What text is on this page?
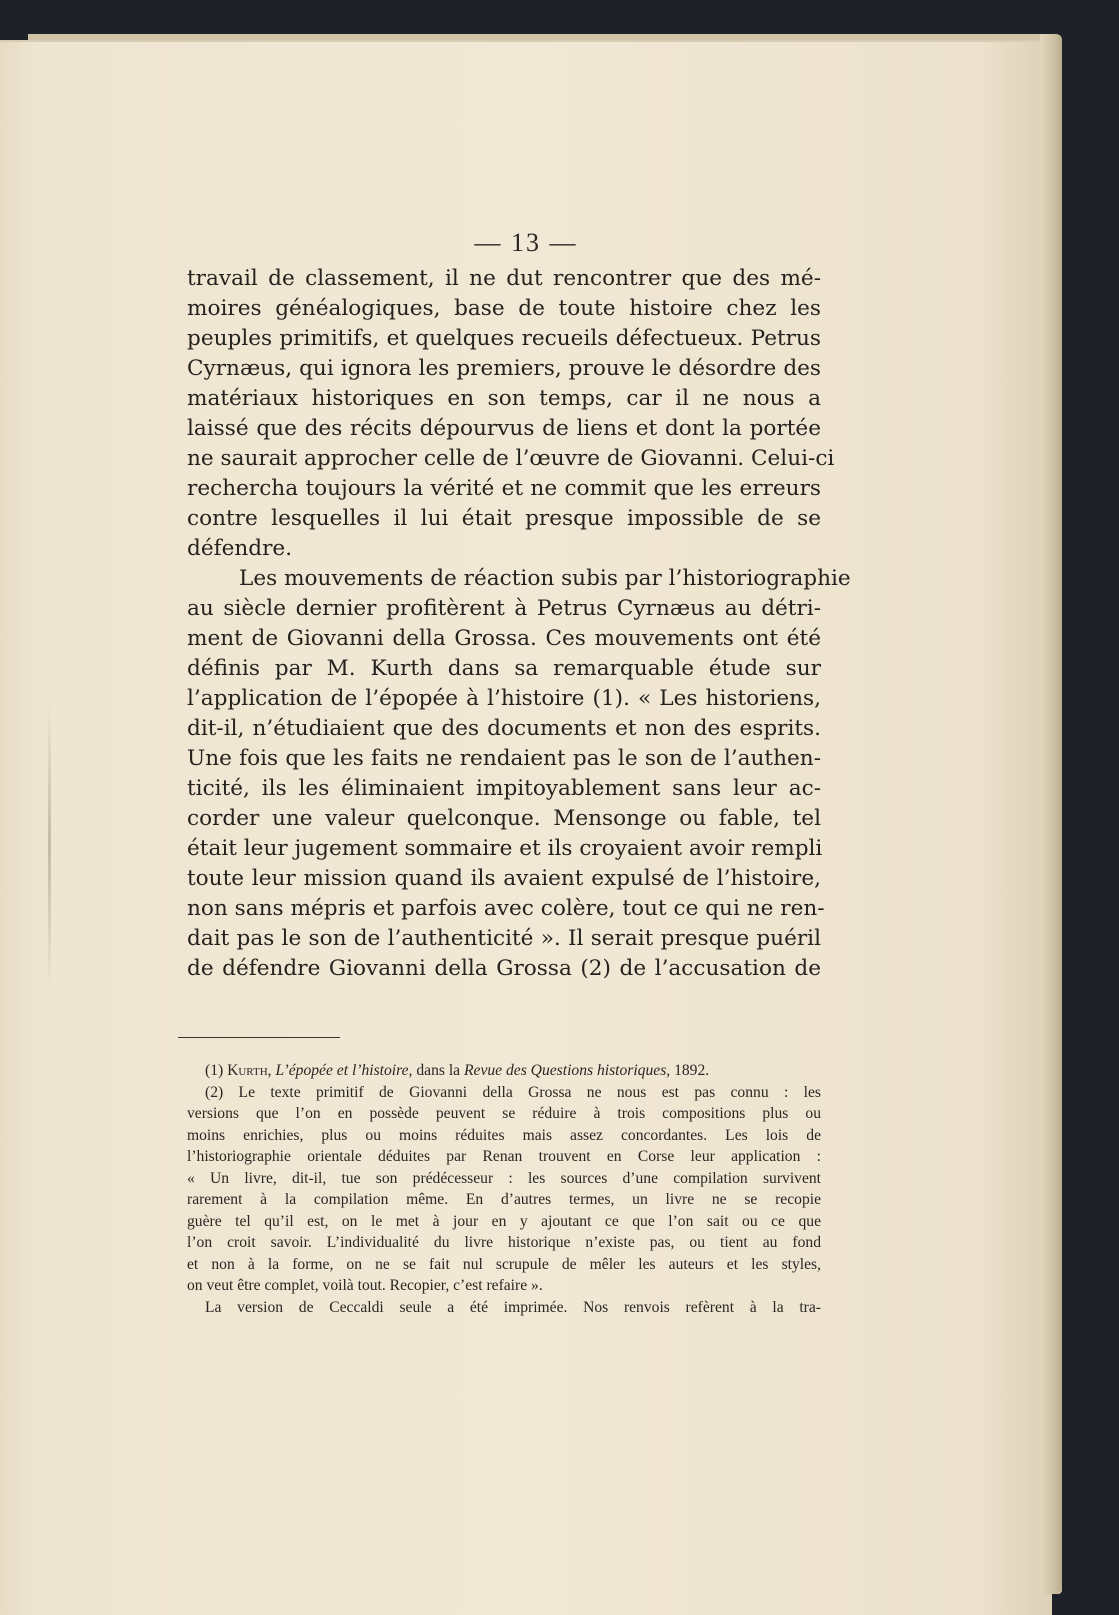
— 13 —
travail de classement, il ne dut rencontrer que des mé-
moires généalogiques, base de toute histoire chez les
peuples primitifs, et quelques recueils défectueux. Petrus
Cyrnæus, qui ignora les premiers, prouve le désordre des
matériaux historiques en son temps, car il ne nous a
laissé que des récits dépourvus de liens et dont la portée
ne saurait approcher celle de l’œuvre de Giovanni. Celui-ci
rechercha toujours la vérité et ne commit que les erreurs
contre lesquelles il lui était presque impossible de se
défendre.
Les mouvements de réaction subis par l’historiographie
au siècle dernier profitèrent à Petrus Cyrnæus au détri-
ment de Giovanni della Grossa. Ces mouvements ont été
définis par M. Kurth dans sa remarquable étude sur
l’application de l’épopée à l’histoire (1). « Les historiens,
dit-il, n’étudiaient que des documents et non des esprits.
Une fois que les faits ne rendaient pas le son de l’authen-
ticité, ils les éliminaient impitoyablement sans leur ac-
corder une valeur quelconque. Mensonge ou fable, tel
était leur jugement sommaire et ils croyaient avoir rempli
toute leur mission quand ils avaient expulsé de l’histoire,
non sans mépris et parfois avec colère, tout ce qui ne ren-
dait pas le son de l’authenticité ». Il serait presque puéril
de défendre Giovanni della Grossa (2) de l’accusation de
(1) Kurth, L’épopée et l’histoire, dans la Revue des Questions historiques, 1892.
(2) Le texte primitif de Giovanni della Grossa ne nous est pas connu : les
versions que l’on en possède peuvent se réduire à trois compositions plus ou
moins enrichies, plus ou moins réduites mais assez concordantes. Les lois de
l’historiographie orientale déduites par Renan trouvent en Corse leur application :
« Un livre, dit-il, tue son prédécesseur : les sources d’une compilation survivent
rarement à la compilation même. En d’autres termes, un livre ne se recopie
guère tel qu’il est, on le met à jour en y ajoutant ce que l’on sait ou ce que
l’on croit savoir. L’individualité du livre historique n’existe pas, ou tient au fond
et non à la forme, on ne se fait nul scrupule de mêler les auteurs et les styles,
on veut être complet, voilà tout. Recopier, c’est refaire ».
La version de Ceccaldi seule a été imprimée. Nos renvois refèrent à la tra-
